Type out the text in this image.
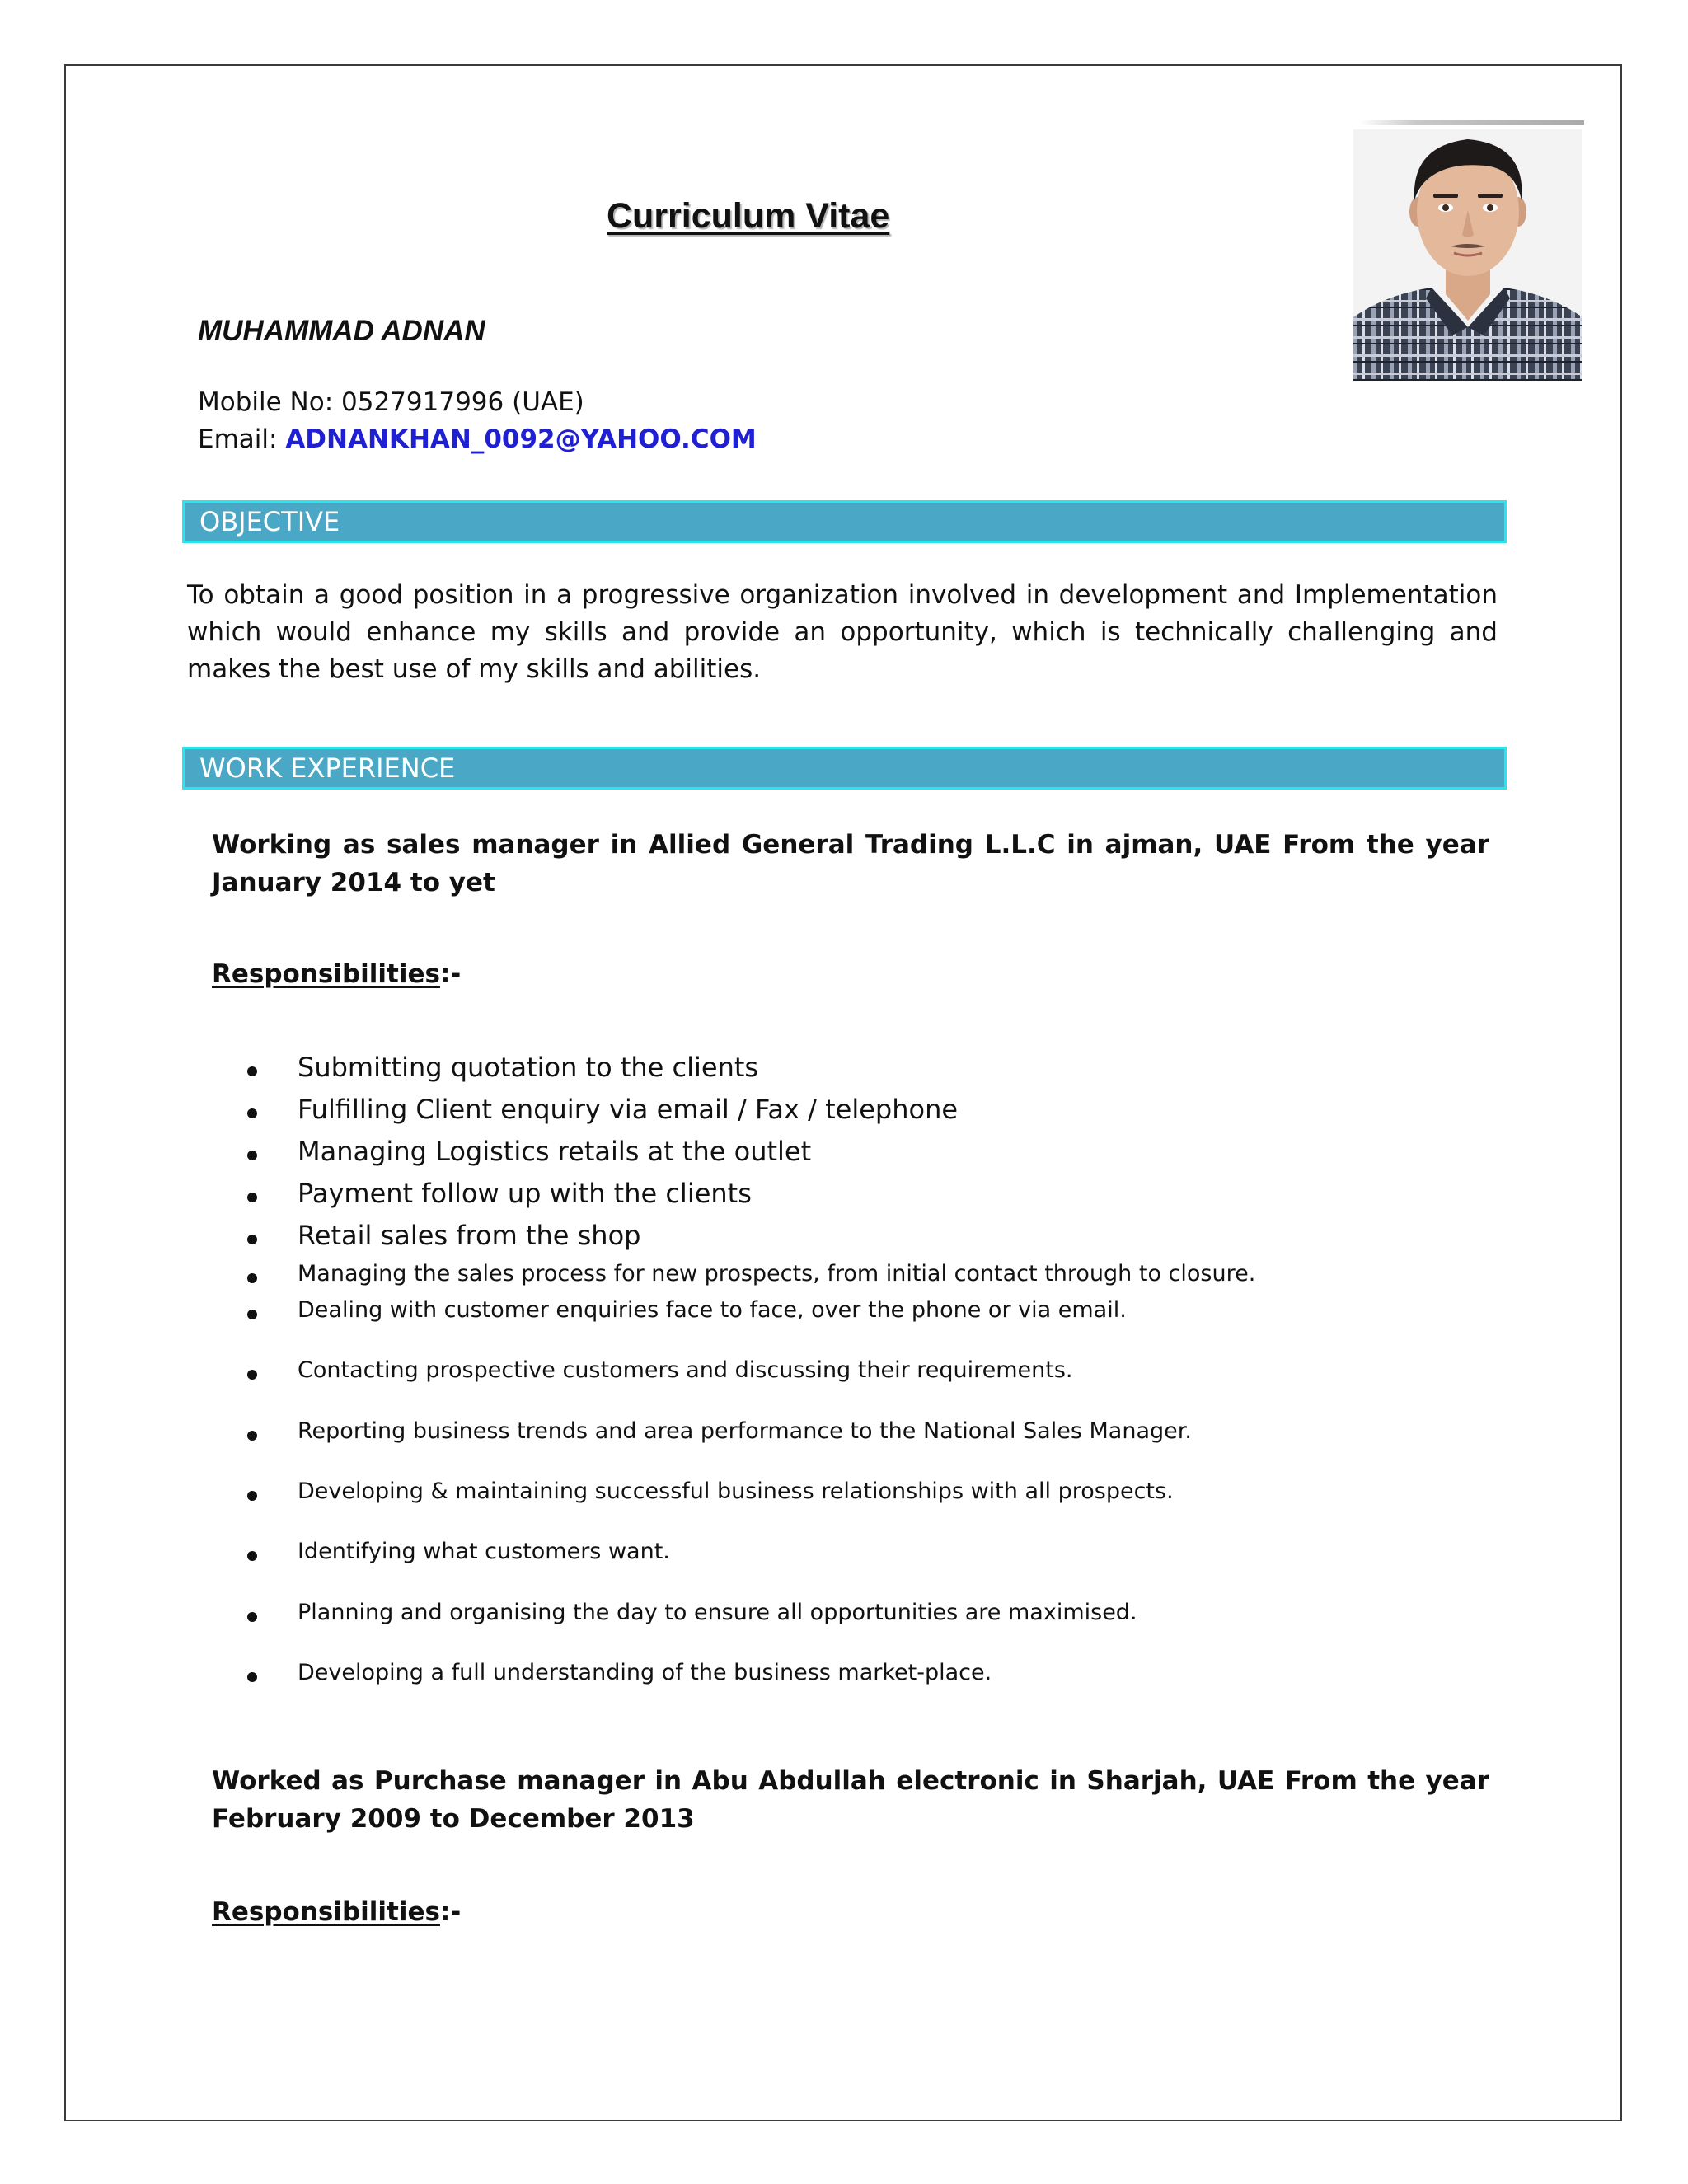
Curriculum Vitae
MUHAMMAD ADNAN
Mobile No: 0527917996 (UAE)
Email: ADNANKHAN_0092@YAHOO.COM
OBJECTIVE
To obtain a good position in a progressive organization involved in development and Implementation which would enhance my skills and provide an opportunity, which is technically challenging and makes the best use of my skills and abilities.
WORK EXPERIENCE
Working as sales manager in Allied General Trading L.L.C in ajman, UAE From the year January 2014 to yet
Responsibilities:-
Submitting quotation to the clients
Fulfilling Client enquiry via email / Fax / telephone
Managing Logistics retails at the outlet
Payment follow up with the clients
Retail sales from the shop
Managing the sales process for new prospects, from initial contact through to closure.
Dealing with customer enquiries face to face, over the phone or via email.
Contacting prospective customers and discussing their requirements.
Reporting business trends and area performance to the National Sales Manager.
Developing & maintaining successful business relationships with all prospects.
Identifying what customers want.
Planning and organising the day to ensure all opportunities are maximised.
Developing a full understanding of the business market-place.
Worked as Purchase manager in Abu Abdullah electronic in Sharjah, UAE From the year February 2009 to December 2013
Responsibilities:-
